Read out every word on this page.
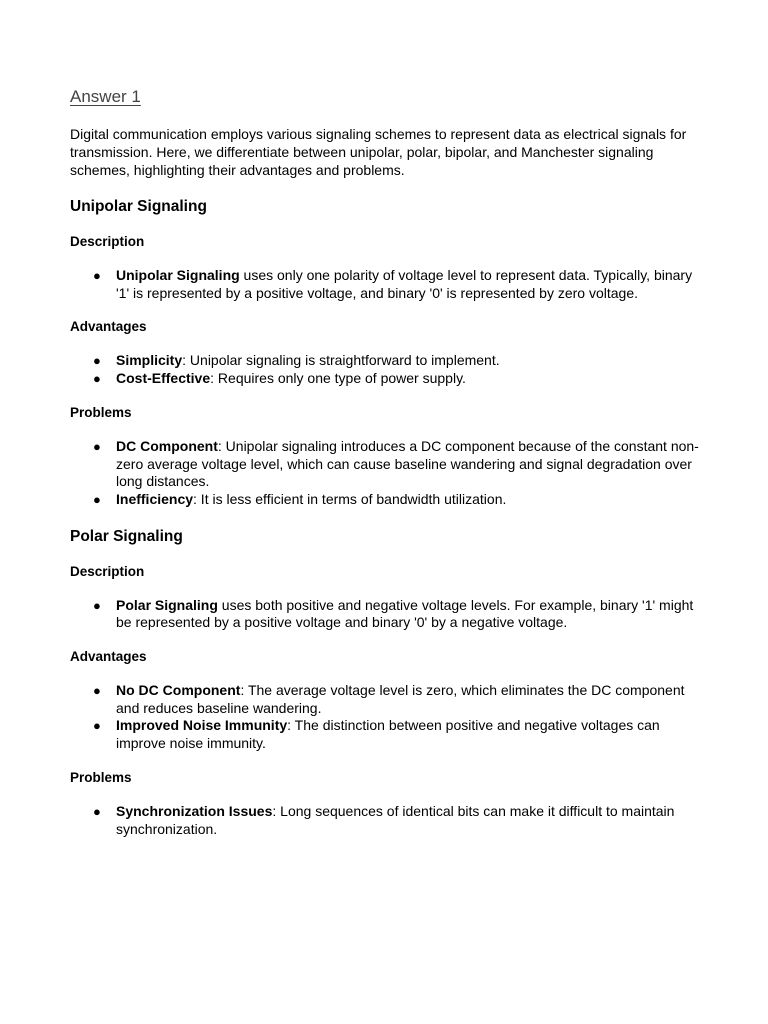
Answer 1

Digital communication employs various signaling schemes to represent data as electrical signals for transmission. Here, we differentiate between unipolar, polar, bipolar, and Manchester signaling schemes, highlighting their advantages and problems.

Unipolar Signaling
Description
● Unipolar Signaling uses only one polarity of voltage level to represent data. Typically, binary '1' is represented by a positive voltage, and binary '0' is represented by zero voltage.
Advantages
● Simplicity: Unipolar signaling is straightforward to implement.
● Cost-Effective: Requires only one type of power supply.
Problems
● DC Component: Unipolar signaling introduces a DC component because of the constant non-zero average voltage level, which can cause baseline wandering and signal degradation over long distances.
● Inefficiency: It is less efficient in terms of bandwidth utilization.
Polar Signaling
Description
● Polar Signaling uses both positive and negative voltage levels. For example, binary '1' might be represented by a positive voltage and binary '0' by a negative voltage.
Advantages
● No DC Component: The average voltage level is zero, which eliminates the DC component and reduces baseline wandering.
● Improved Noise Immunity: The distinction between positive and negative voltages can improve noise immunity.
Problems
● Synchronization Issues: Long sequences of identical bits can make it difficult to maintain synchronization.
